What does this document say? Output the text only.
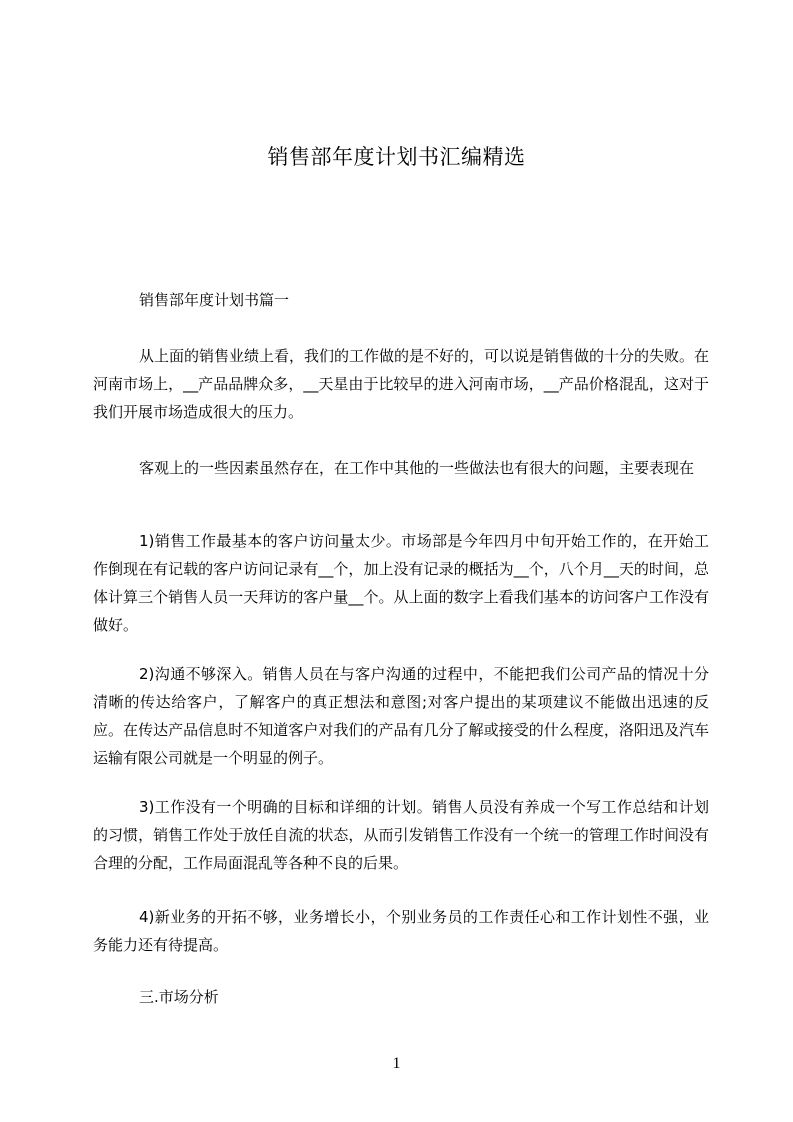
销售部年度计划书汇编精选
销售部年度计划书篇一
从上面的销售业绩上看，我们的工作做的是不好的，可以说是销售做的十分的失败。在河南市场上，__产品品牌众多，__天星由于比较早的进入河南市场，__产品价格混乱，这对于我们开展市场造成很大的压力。
客观上的一些因素虽然存在，在工作中其他的一些做法也有很大的问题，主要表现在
1)销售工作最基本的客户访问量太少。市场部是今年四月中旬开始工作的，在开始工作倒现在有记载的客户访问记录有__个，加上没有记录的概括为__个，八个月__天的时间，总体计算三个销售人员一天拜访的客户量__个。从上面的数字上看我们基本的访问客户工作没有做好。
2)沟通不够深入。销售人员在与客户沟通的过程中，不能把我们公司产品的情况十分清晰的传达给客户，了解客户的真正想法和意图;对客户提出的某项建议不能做出迅速的反应。在传达产品信息时不知道客户对我们的产品有几分了解或接受的什么程度，洛阳迅及汽车运输有限公司就是一个明显的例子。
3)工作没有一个明确的目标和详细的计划。销售人员没有养成一个写工作总结和计划的习惯，销售工作处于放任自流的状态，从而引发销售工作没有一个统一的管理工作时间没有合理的分配，工作局面混乱等各种不良的后果。
4)新业务的开拓不够，业务增长小，个别业务员的工作责任心和工作计划性不强，业务能力还有待提高。
三.市场分析
1
